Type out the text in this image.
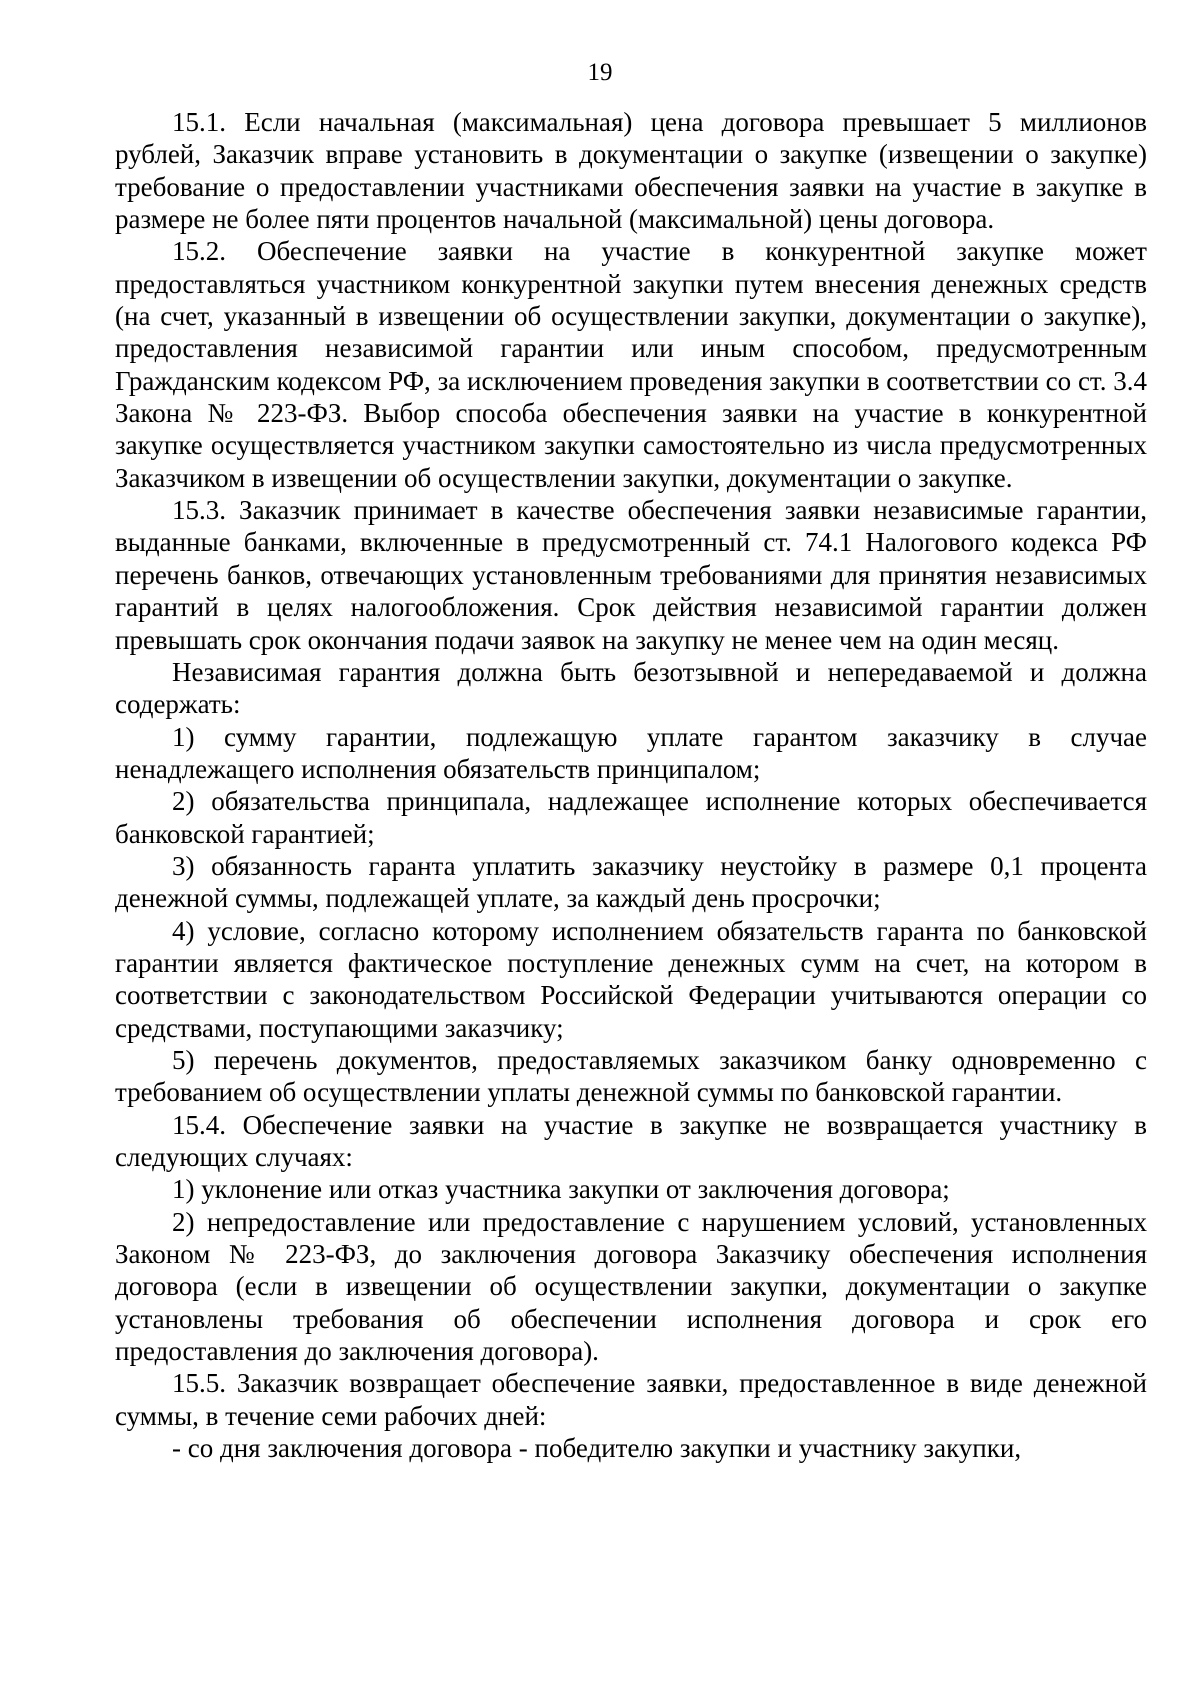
19

15.1. Если начальная (максимальная) цена договора превышает 5 миллионов рублей, Заказчик вправе установить в документации о закупке (извещении о закупке) требование о предоставлении участниками обеспечения заявки на участие в закупке в размере не более пяти процентов начальной (максимальной) цены договора.

15.2. Обеспечение заявки на участие в конкурентной закупке может предоставляться участником конкурентной закупки путем внесения денежных средств (на счет, указанный в извещении об осуществлении закупки, документации о закупке), предоставления независимой гарантии или иным способом, предусмотренным Гражданским кодексом РФ, за исключением проведения закупки в соответствии со ст. 3.4 Закона № 223-ФЗ. Выбор способа обеспечения заявки на участие в конкурентной закупке осуществляется участником закупки самостоятельно из числа предусмотренных Заказчиком в извещении об осуществлении закупки, документации о закупке.

15.3. Заказчик принимает в качестве обеспечения заявки независимые гарантии, выданные банками, включенные в предусмотренный ст. 74.1 Налогового кодекса РФ перечень банков, отвечающих установленным требованиями для принятия независимых гарантий в целях налогообложения. Срок действия независимой гарантии должен превышать срок окончания подачи заявок на закупку не менее чем на один месяц.

Независимая гарантия должна быть безотзывной и непередаваемой и должна содержать:

1) сумму гарантии, подлежащую уплате гарантом заказчику в случае ненадлежащего исполнения обязательств принципалом;

2) обязательства принципала, надлежащее исполнение которых обеспечивается банковской гарантией;

3) обязанность гаранта уплатить заказчику неустойку в размере 0,1 процента денежной суммы, подлежащей уплате, за каждый день просрочки;

4) условие, согласно которому исполнением обязательств гаранта по банковской гарантии является фактическое поступление денежных сумм на счет, на котором в соответствии с законодательством Российской Федерации учитываются операции со средствами, поступающими заказчику;

5) перечень документов, предоставляемых заказчиком банку одновременно с требованием об осуществлении уплаты денежной суммы по банковской гарантии.

15.4. Обеспечение заявки на участие в закупке не возвращается участнику в следующих случаях:

1) уклонение или отказ участника закупки от заключения договора;

2) непредоставление или предоставление с нарушением условий, установленных Законом № 223-ФЗ, до заключения договора Заказчику обеспечения исполнения договора (если в извещении об осуществлении закупки, документации о закупке установлены требования об обеспечении исполнения договора и срок его предоставления до заключения договора).

15.5. Заказчик возвращает обеспечение заявки, предоставленное в виде денежной суммы, в течение семи рабочих дней:

- со дня заключения договора - победителю закупки и участнику закупки,
